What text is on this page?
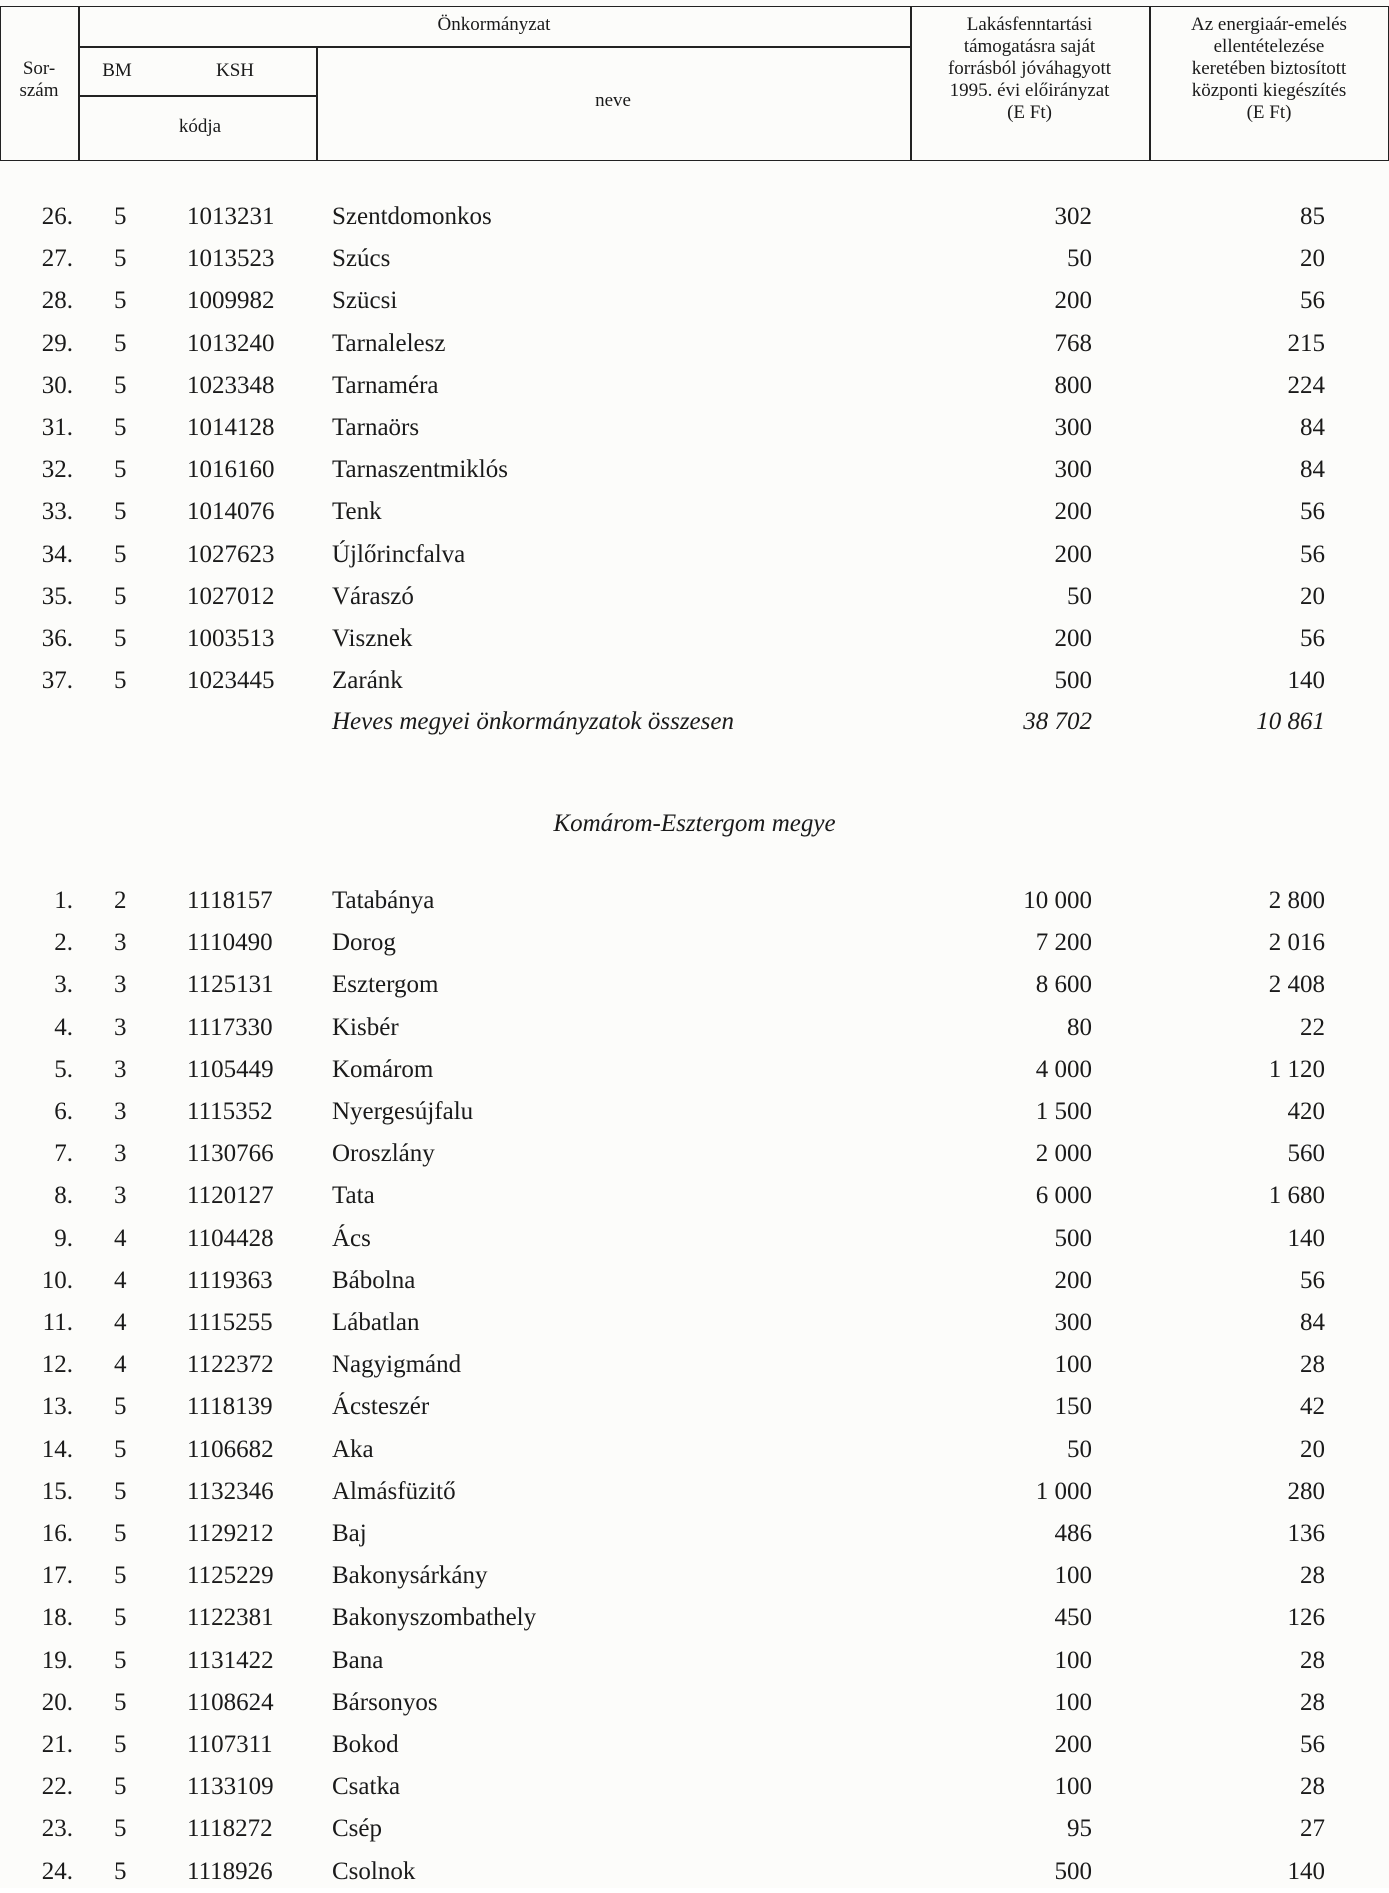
Önkormányzat
Sor-
szám
BM	KSH
kódja
neve
Lakásfenntartási
támogatásra saját
forrásból jóváhagyott
1995. évi előirányzat
(E Ft)
Az energiaár-emelés
ellentételezése
keretében biztosított
központi kiegészítés
(E Ft)
26. 5 1013231 Szentdomonkos	302	85
27. 5 1013523 Szúcs	50	20
28. 5 1009982 Szücsi	200	56
29. 5 1013240 Tarnalelesz	768	215
30. 5 1023348 Tarnaméra	800	224
31. 5 1014128 Tarnaörs	300	84
32. 5 1016160 Tarnaszentmiklós	300	84
33. 5 1014076 Tenk	200	56
34. 5 1027623 Újlőrincfalva	200	56
35. 5 1027012 Váraszó	50	20
36. 5 1003513 Visznek	200	56
37. 5 1023445 Zaránk	500	140
Heves megyei önkormányzatok összesen	38 702	10 861
Komárom-Esztergom megye
1. 2 1118157 Tatabánya	10 000	2 800
2. 3 1110490 Dorog	7 200	2 016
3. 3 1125131 Esztergom	8 600	2 408
4. 3 1117330 Kisbér	80	22
5. 3 1105449 Komárom	4 000	1 120
6. 3 1115352 Nyergesújfalu	1 500	420
7. 3 1130766 Oroszlány	2 000	560
8. 3 1120127 Tata	6 000	1 680
9. 4 1104428 Ács	500	140
10. 4 1119363 Bábolna	200	56
11. 4 1115255 Lábatlan	300	84
12. 4 1122372 Nagyigmánd	100	28
13. 5 1118139 Ácsteszér	150	42
14. 5 1106682 Aka	50	20
15. 5 1132346 Almásfüzitő	1 000	280
16. 5 1129212 Baj	486	136
17. 5 1125229 Bakonysárkány	100	28
18. 5 1122381 Bakonyszombathely	450	126
19. 5 1131422 Bana	100	28
20. 5 1108624 Bársonyos	100	28
21. 5 1107311 Bokod	200	56
22. 5 1133109 Csatka	100	28
23. 5 1118272 Csép	95	27
24. 5 1118926 Csolnok	500	140
